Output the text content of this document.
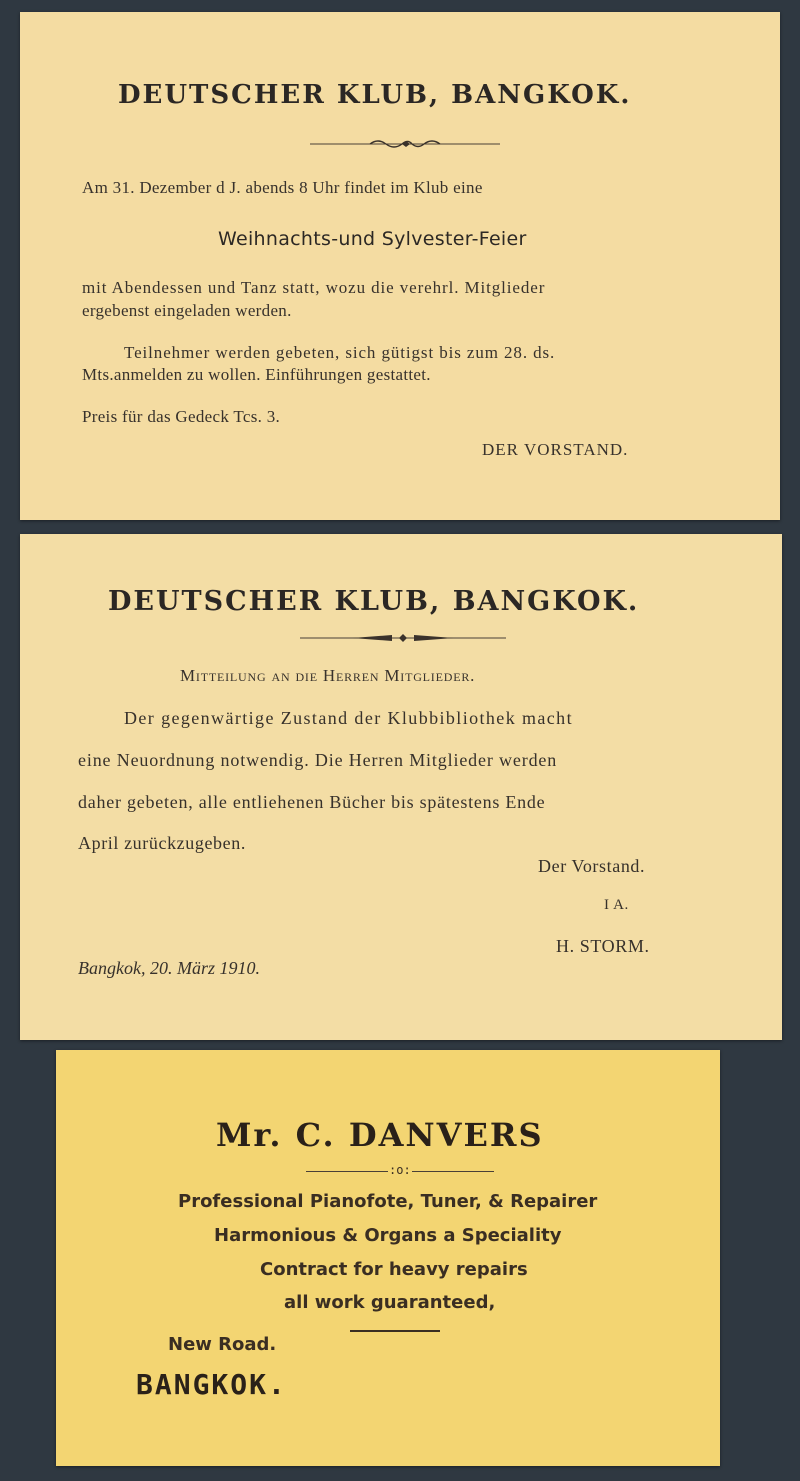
DEUTSCHER KLUB, BANGKOK.
Am 31. Dezember d J. abends 8 Uhr findet im Klub eine
Weihnachts-und Sylvester-Feier
mit Abendessen und Tanz statt, wozu die verehrl. Mitglieder
ergebenst eingeladen werden.
Teilnehmer werden gebeten, sich gütigst bis zum 28. ds.
Mts.anmelden zu wollen. Einführungen gestattet.
Preis für das Gedeck Tcs. 3.
DER VORSTAND.
DEUTSCHER KLUB, BANGKOK.
Mitteilung an die Herren Mitglieder.
Der gegenwärtige Zustand der Klubbibliothek macht
eine Neuordnung notwendig. Die Herren Mitglieder werden
daher gebeten, alle entliehenen Bücher bis spätestens Ende
April zurückzugeben.
Der Vorstand.
I A.
H. STORM.
Bangkok, 20. März 1910.
Mr. C. DANVERS
:o:
Professional Pianofote, Tuner, & Repairer
Harmonious & Organs a Speciality
Contract for heavy repairs
all work guaranteed,
New Road.
BANGKOK.
